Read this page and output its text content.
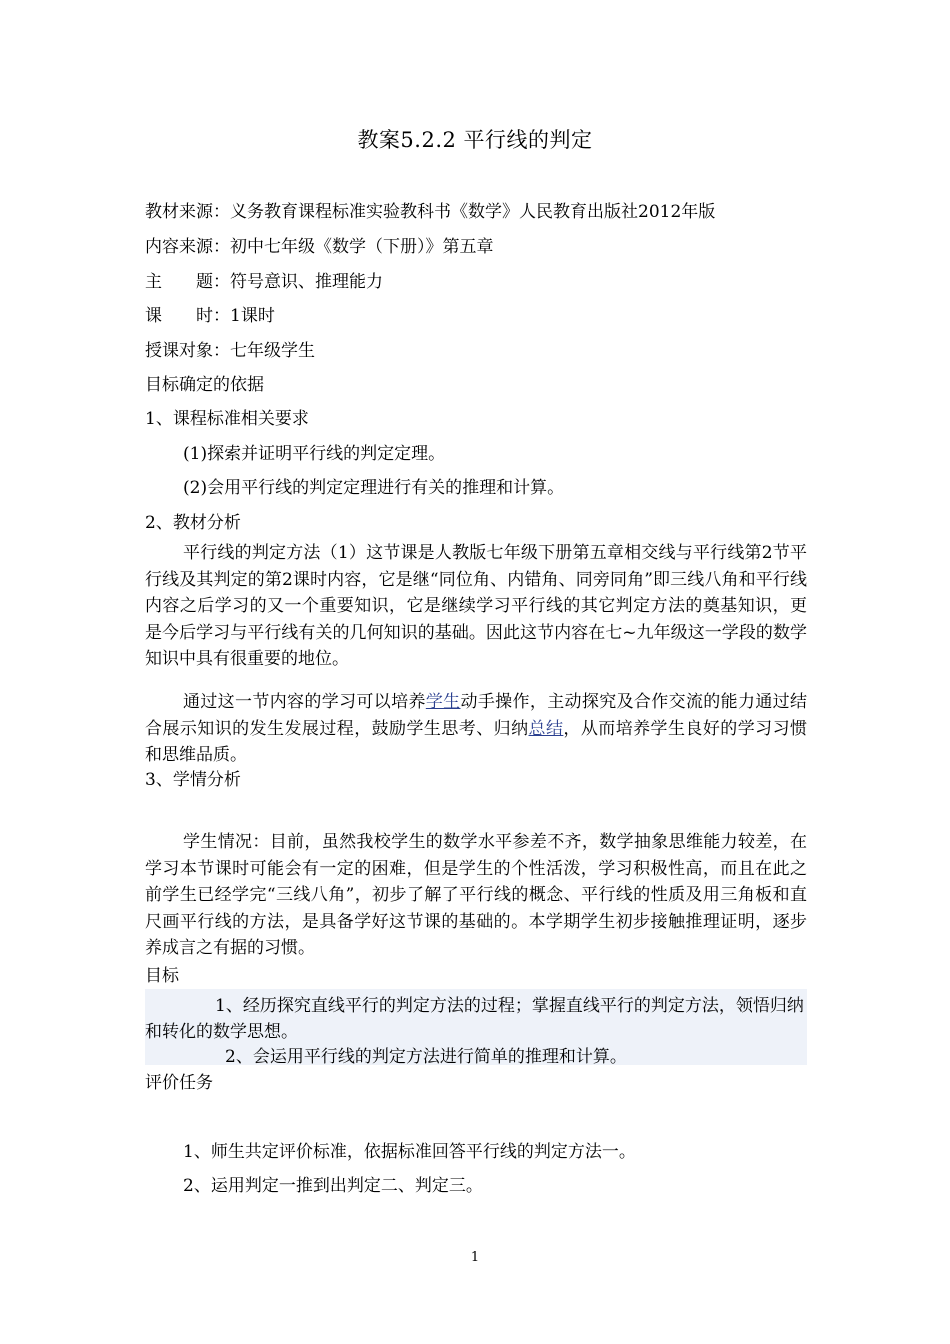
教案5.2.2 平行线的判定
教材来源：义务教育课程标准实验教科书《数学》人民教育出版社2012年版
内容来源：初中七年级《数学（下册）》第五章
主　　题：符号意识、推理能力
课　　时：1课时
授课对象：七年级学生
目标确定的依据
1、课程标准相关要求
(1)探索并证明平行线的判定定理。
(2)会用平行线的判定定理进行有关的推理和计算。
2、教材分析

平行线的判定方法（1）这节课是人教版七年级下册第五章相交线与平行线第2节平行线及其判定的第2课时内容，它是继“同位角、内错角、同旁同角”即三线八角和平行线内容之后学习的又一个重要知识，它是继续学习平行线的其它判定方法的奠基知识，更是今后学习与平行线有关的几何知识的基础。因此这节内容在七~九年级这一学段的数学知识中具有很重要的地位。

通过这一节内容的学习可以培养学生动手操作，主动探究及合作交流的能力通过结合展示知识的发生发展过程，鼓励学生思考、归纳总结，从而培养学生良好的学习习惯和思维品质。

3、学情分析

学生情况：目前，虽然我校学生的数学水平参差不齐，数学抽象思维能力较差，在学习本节课时可能会有一定的困难，但是学生的个性活泼，学习积极性高，而且在此之前学生已经学完“三线八角”，初步了解了平行线的概念、平行线的性质及用三角板和直尺画平行线的方法，是具备学好这节课的基础的。本学期学生初步接触推理证明，逐步养成言之有据的习惯。

目标

1、经历探究直线平行的判定方法的过程；掌握直线平行的判定方法，领悟归纳和转化的数学思想。

2、会运用平行线的判定方法进行简单的推理和计算。

评价任务
1、师生共定评价标准，依据标准回答平行线的判定方法一。
2、运用判定一推到出判定二、判定三。
1
